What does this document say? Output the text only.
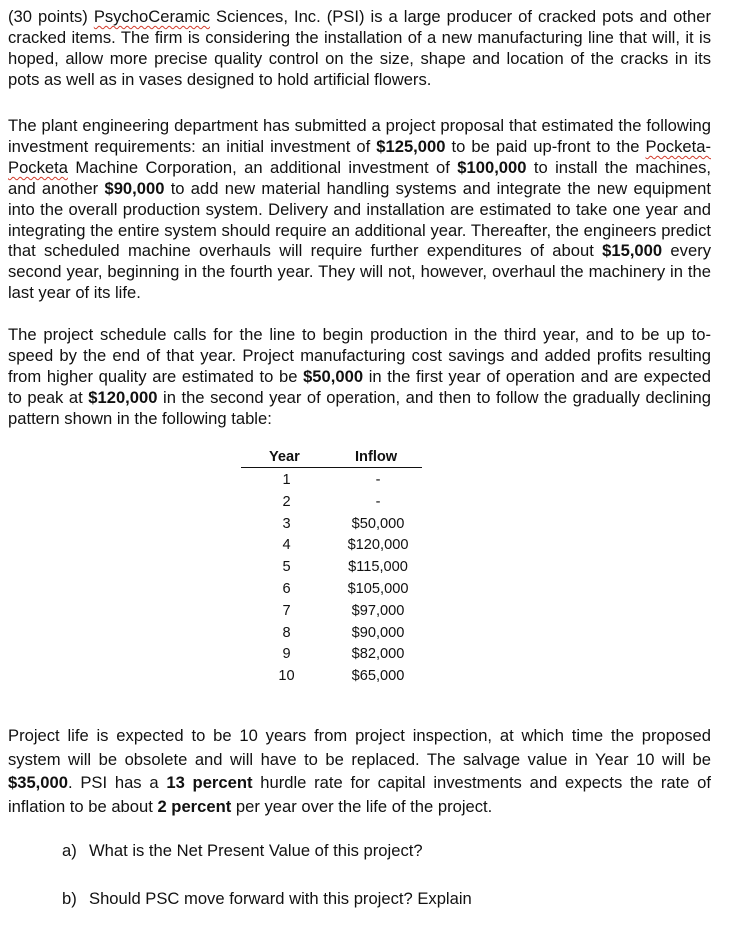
(30 points) PsychoCeramic Sciences, Inc. (PSI) is a large producer of cracked pots and other cracked items. The firm is considering the installation of a new manufacturing line that will, it is hoped, allow more precise quality control on the size, shape and location of the cracks in its pots as well as in vases designed to hold artificial flowers.

The plant engineering department has submitted a project proposal that estimated the following investment requirements: an initial investment of $125,000 to be paid up-front to the Pocketa-Pocketa Machine Corporation, an additional investment of $100,000 to install the machines, and another $90,000 to add new material handling systems and integrate the new equipment into the overall production system. Delivery and installation are estimated to take one year and integrating the entire system should require an additional year. Thereafter, the engineers predict that scheduled machine overhauls will require further expenditures of about $15,000 every second year, beginning in the fourth year. They will not, however, overhaul the machinery in the last year of its life.

The project schedule calls for the line to begin production in the third year, and to be up to-speed by the end of that year. Project manufacturing cost savings and added profits resulting from higher quality are estimated to be $50,000 in the first year of operation and are expected to peak at $120,000 in the second year of operation, and then to follow the gradually declining pattern shown in the following table:

Year	Inflow
1	-
2	-
3	$50,000
4	$120,000
5	$115,000
6	$105,000
7	$97,000
8	$90,000
9	$82,000
10	$65,000

Project life is expected to be 10 years from project inspection, at which time the proposed system will be obsolete and will have to be replaced. The salvage value in Year 10 will be $35,000. PSI has a 13 percent hurdle rate for capital investments and expects the rate of inflation to be about 2 percent per year over the life of the project.

a) What is the Net Present Value of this project?
b) Should PSC move forward with this project? Explain
